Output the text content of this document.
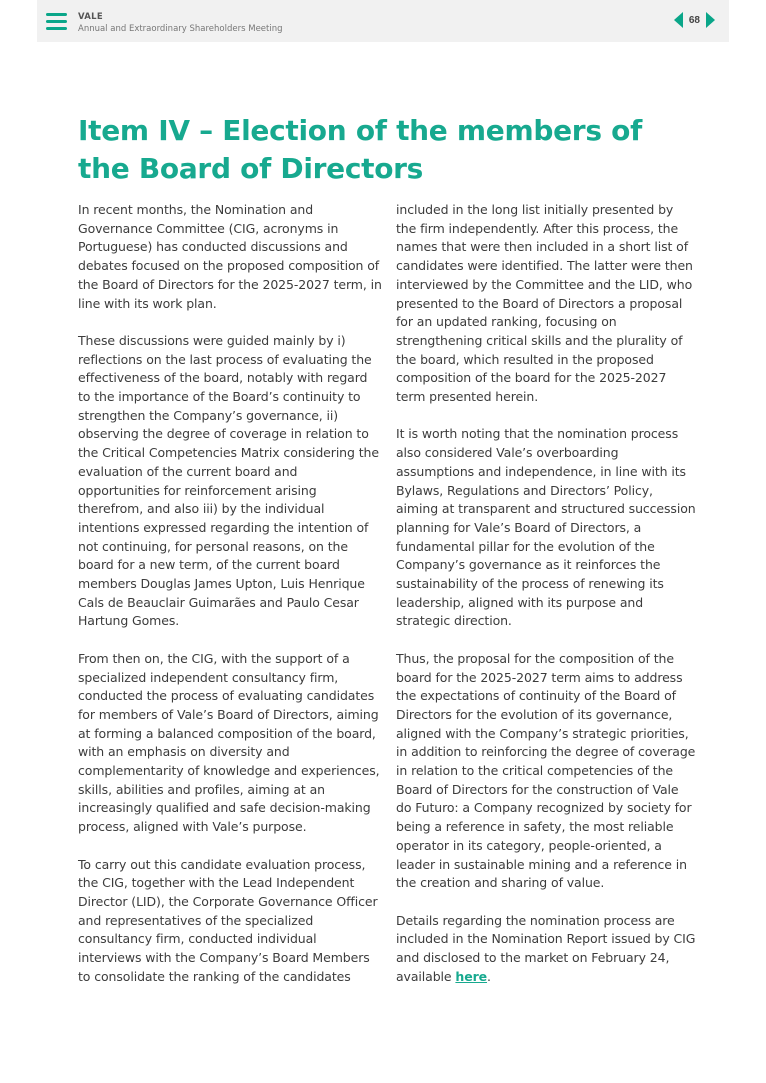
VALE
Annual and Extraordinary Shareholders Meeting
68
Item IV – Election of the members of the Board of Directors

In recent months, the Nomination and Governance Committee (CIG, acronyms in Portuguese) has conducted discussions and debates focused on the proposed composition of the Board of Directors for the 2025-2027 term, in line with its work plan.

These discussions were guided mainly by i) reflections on the last process of evaluating the effectiveness of the board, notably with regard to the importance of the Board’s continuity to strengthen the Company’s governance, ii) observing the degree of coverage in relation to the Critical Competencies Matrix considering the evaluation of the current board and opportunities for reinforcement arising therefrom, and also iii) by the individual intentions expressed regarding the intention of not continuing, for personal reasons, on the board for a new term, of the current board members Douglas James Upton, Luis Henrique Cals de Beauclair Guimarães and Paulo Cesar Hartung Gomes.

From then on, the CIG, with the support of a specialized independent consultancy firm, conducted the process of evaluating candidates for members of Vale’s Board of Directors, aiming at forming a balanced composition of the board, with an emphasis on diversity and complementarity of knowledge and experiences, skills, abilities and profiles, aiming at an increasingly qualified and safe decision-making process, aligned with Vale’s purpose.

To carry out this candidate evaluation process, the CIG, together with the Lead Independent Director (LID), the Corporate Governance Officer and representatives of the specialized consultancy firm, conducted individual interviews with the Company’s Board Members to consolidate the ranking of the candidates

included in the long list initially presented by the firm independently. After this process, the names that were then included in a short list of candidates were identified. The latter were then interviewed by the Committee and the LID, who presented to the Board of Directors a proposal for an updated ranking, focusing on strengthening critical skills and the plurality of the board, which resulted in the proposed composition of the board for the 2025-2027 term presented herein.

It is worth noting that the nomination process also considered Vale’s overboarding assumptions and independence, in line with its Bylaws, Regulations and Directors’ Policy, aiming at transparent and structured succession planning for Vale’s Board of Directors, a fundamental pillar for the evolution of the Company’s governance as it reinforces the sustainability of the process of renewing its leadership, aligned with its purpose and strategic direction.

Thus, the proposal for the composition of the board for the 2025-2027 term aims to address the expectations of continuity of the Board of Directors for the evolution of its governance, aligned with the Company’s strategic priorities, in addition to reinforcing the degree of coverage in relation to the critical competencies of the Board of Directors for the construction of Vale do Futuro: a Company recognized by society for being a reference in safety, the most reliable operator in its category, people-oriented, a leader in sustainable mining and a reference in the creation and sharing of value.

Details regarding the nomination process are included in the Nomination Report issued by CIG and disclosed to the market on February 24, available here.
